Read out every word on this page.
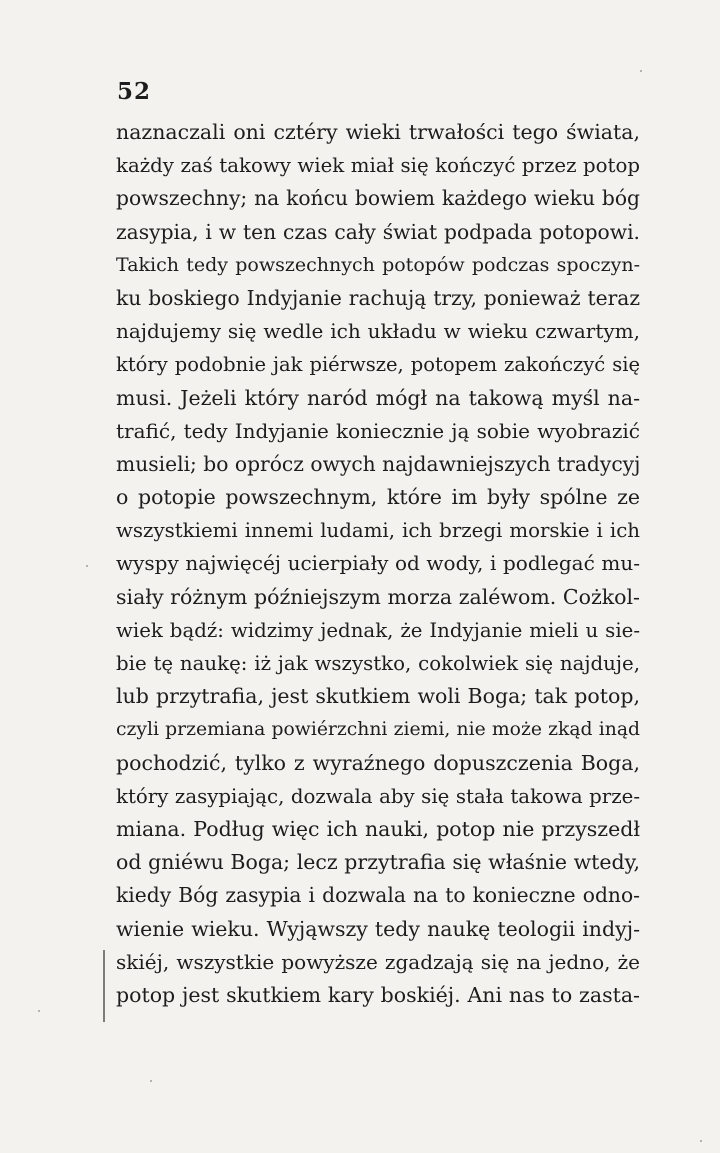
52
naznaczali oni cztéry wieki trwałości tego świata,
każdy zaś takowy wiek miał się kończyć przez potop
powszechny; na końcu bowiem każdego wieku bóg
zasypia, i w ten czas cały świat podpada potopowi.
Takich tedy powszechnych potopów podczas spoczyn-
ku boskiego Indyjanie rachują trzy, ponieważ teraz
najdujemy się wedle ich układu w wieku czwartym,
który podobnie jak piérwsze, potopem zakończyć się
musi. Jeżeli który naród mógł na takową myśl na-
trafić, tedy Indyjanie koniecznie ją sobie wyobrazić
musieli; bo oprócz owych najdawniejszych tradycyj
o potopie powszechnym, które im były spólne ze
wszystkiemi innemi ludami, ich brzegi morskie i ich
wyspy najwięcéj ucierpiały od wody, i podlegać mu-
siały różnym późniejszym morza zaléwom. Cożkol-
wiek bądź: widzimy jednak, że Indyjanie mieli u sie-
bie tę naukę: iż jak wszystko, cokolwiek się najduje,
lub przytrafia, jest skutkiem woli Boga; tak potop,
czyli przemiana powiérzchni ziemi, nie może zkąd inąd
pochodzić, tylko z wyraźnego dopuszczenia Boga,
który zasypiając, dozwala aby się stała takowa prze-
miana. Podług więc ich nauki, potop nie przyszedł
od gniéwu Boga; lecz przytrafia się właśnie wtedy,
kiedy Bóg zasypia i dozwala na to konieczne odno-
wienie wieku. Wyjąwszy tedy naukę teologii indyj-
skiéj, wszystkie powyższe zgadzają się na jedno, że
potop jest skutkiem kary boskiéj. Ani nas to zasta-
